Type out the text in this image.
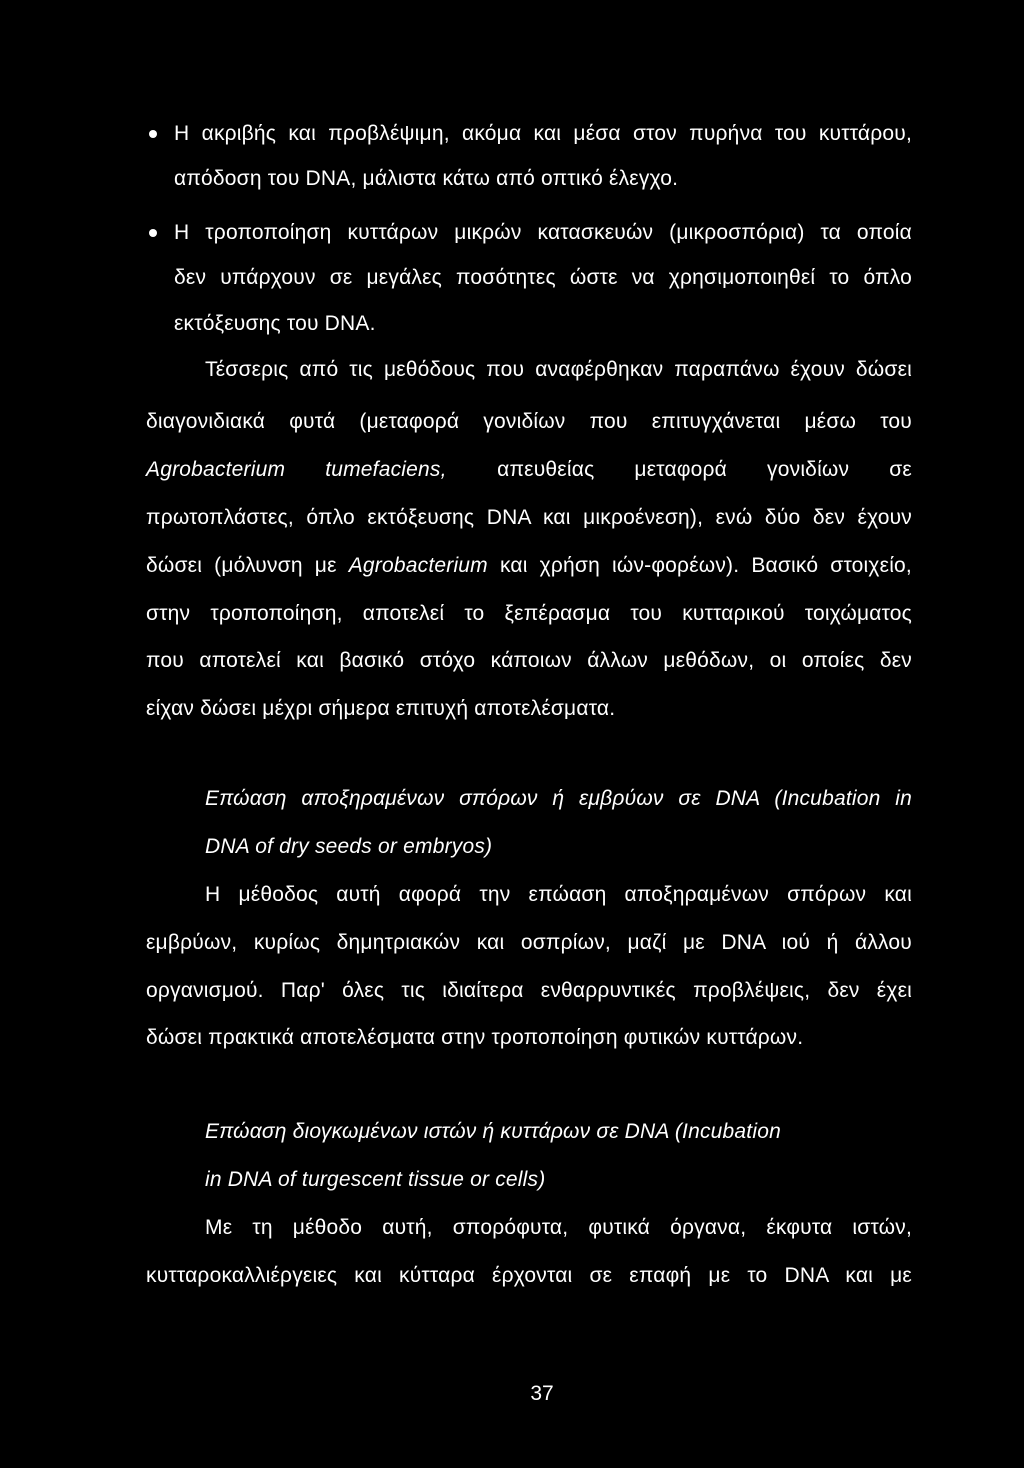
Η ακριβής και προβλέψιμη, ακόμα και μέσα στον πυρήνα του κυττάρου,
απόδοση του DNA, μάλιστα κάτω από οπτικό έλεγχο.
Η τροποποίηση κυττάρων μικρών κατασκευών (μικροσπόρια) τα οποία
δεν υπάρχουν σε μεγάλες ποσότητες ώστε να χρησιμοποιηθεί το όπλο
εκτόξευσης του DNA.
Τέσσερις από τις μεθόδους που αναφέρθηκαν παραπάνω έχουν δώσει
διαγονιδιακά φυτά (μεταφορά γονιδίων που επιτυγχάνεται μέσω του
Agrobacterium tumefaciens, απευθείας μεταφορά γονιδίων σε
πρωτοπλάστες, όπλο εκτόξευσης DNA και μικροένεση), ενώ δύο δεν έχουν
δώσει (μόλυνση με Agrobacterium και χρήση ιών-φορέων). Βασικό στοιχείο,
στην τροποποίηση, αποτελεί το ξεπέρασμα του κυτταρικού τοιχώματος
που αποτελεί και βασικό στόχο κάποιων άλλων μεθόδων, οι οποίες δεν
είχαν δώσει μέχρι σήμερα επιτυχή αποτελέσματα.
Επώαση αποξηραμένων σπόρων ή εμβρύων σε DNA (Incubation in
DNA of dry seeds or embryos)
Η μέθοδος αυτή αφορά την επώαση αποξηραμένων σπόρων και
εμβρύων, κυρίως δημητριακών και οσπρίων, μαζί με DNA ιού ή άλλου
οργανισμού. Παρ' όλες τις ιδιαίτερα ενθαρρυντικές προβλέψεις, δεν έχει
δώσει πρακτικά αποτελέσματα στην τροποποίηση φυτικών κυττάρων.
Επώαση διογκωμένων ιστών ή κυττάρων σε DNA (Incubation
in DNA of turgescent tissue or cells)
Με τη μέθοδο αυτή, σπορόφυτα, φυτικά όργανα, έκφυτα ιστών,
κυτταροκαλλιέργειες και κύτταρα έρχονται σε επαφή με το DNA και με
37
